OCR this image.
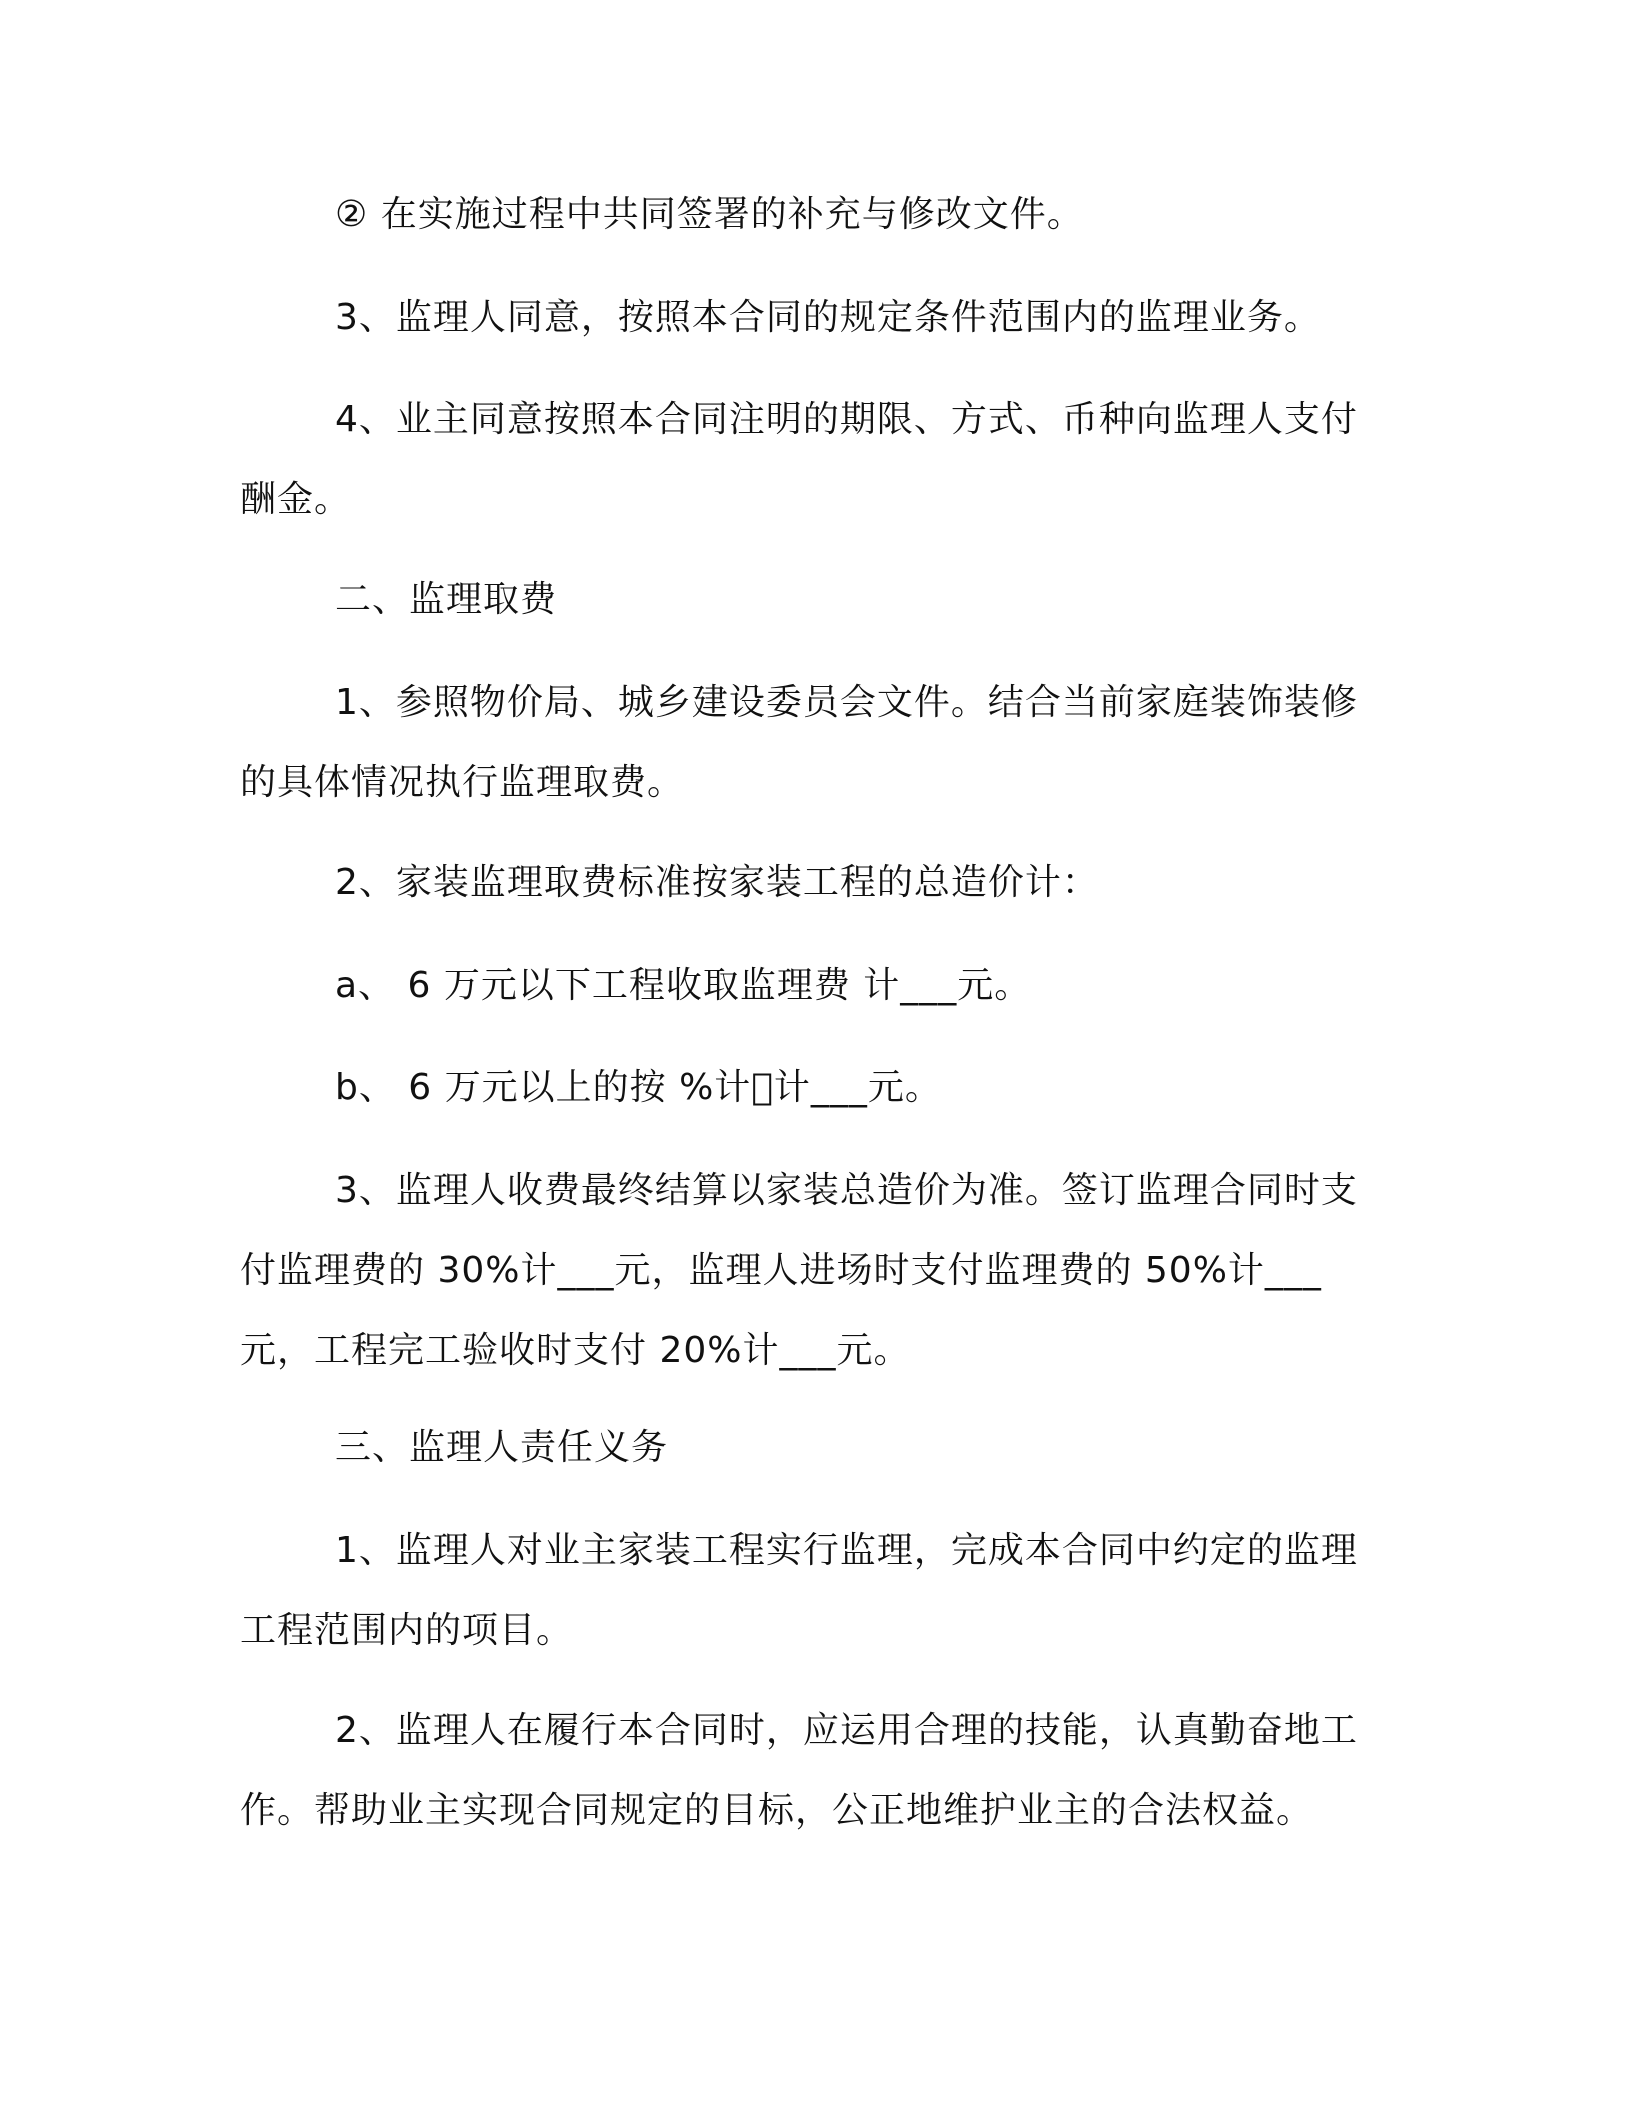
② 在实施过程中共同签署的补充与修改文件。

3、监理人同意，按照本合同的规定条件范围内的监理业务。

4、业主同意按照本合同注明的期限、方式、币种向监理人支付酬金。

二、监理取费

1、参照物价局、城乡建设委员会文件。结合当前家庭装饰装修的具体情况执行监理取费。

2、家装监理取费标准按家装工程的总造价计：

a、 6 万元以下工程收取监理费 计___元。

b、 6 万元以上的按 %计 计___元。

3、监理人收费最终结算以家装总造价为准。签订监理合同时支付监理费的 30%计___元，监理人进场时支付监理费的 50%计___元，工程完工验收时支付 20%计___元。

三、监理人责任义务

1、监理人对业主家装工程实行监理，完成本合同中约定的监理工程范围内的项目。

2、监理人在履行本合同时，应运用合理的技能，认真勤奋地工作。帮助业主实现合同规定的目标，公正地维护业主的合法权益。
